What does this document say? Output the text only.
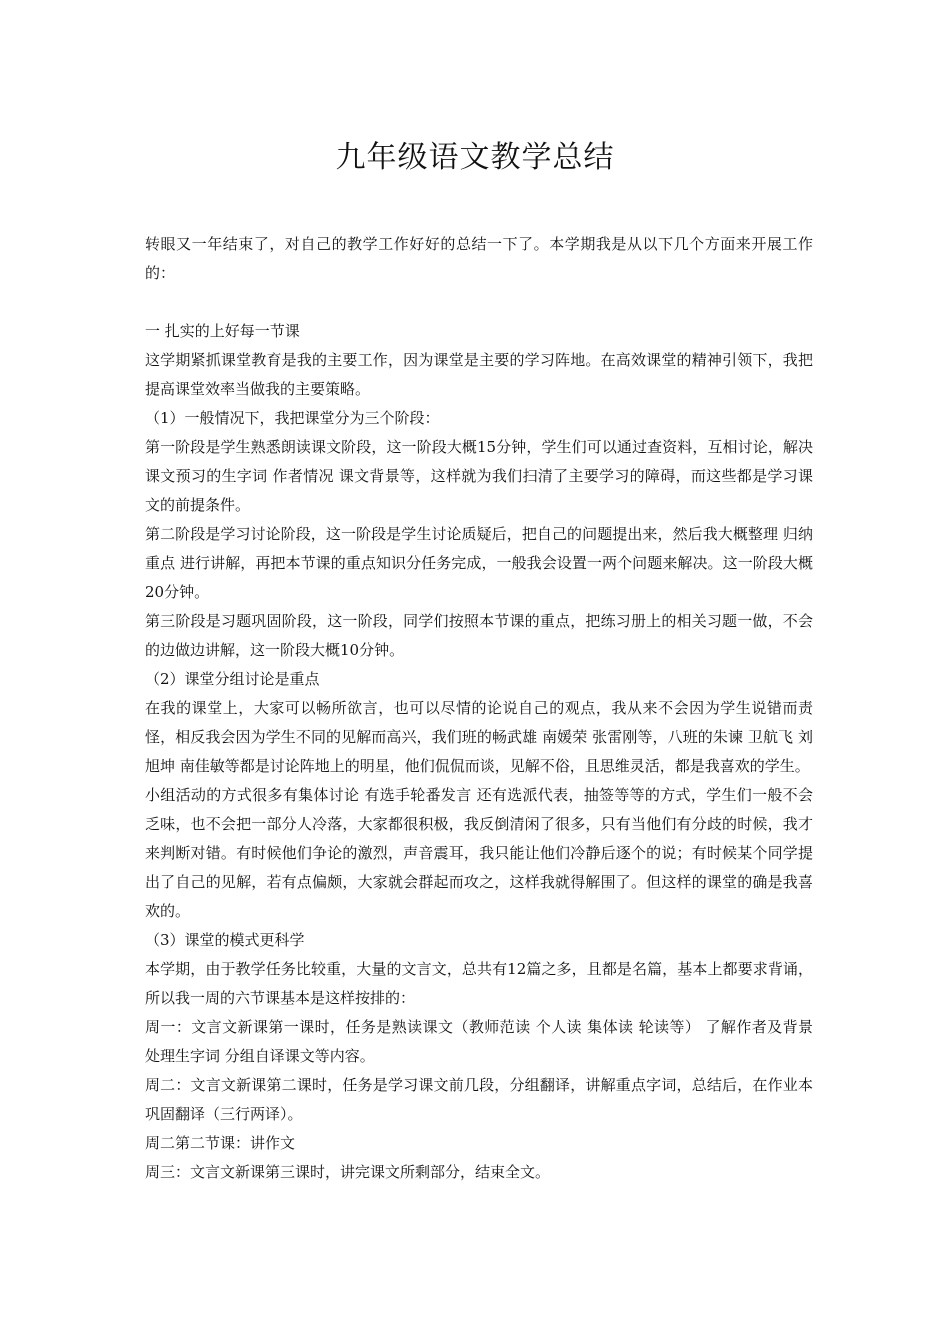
九年级语文教学总结

转眼又一年结束了，对自己的教学工作好好的总结一下了。本学期我是从以下几个方面来开展工作的：

一 扎实的上好每一节课

这学期紧抓课堂教育是我的主要工作，因为课堂是主要的学习阵地。在高效课堂的精神引领下，我把提高课堂效率当做我的主要策略。

（1）一般情况下，我把课堂分为三个阶段：

第一阶段是学生熟悉朗读课文阶段，这一阶段大概15分钟，学生们可以通过查资料，互相讨论，解决课文预习的生字词 作者情况 课文背景等，这样就为我们扫清了主要学习的障碍，而这些都是学习课文的前提条件。

第二阶段是学习讨论阶段，这一阶段是学生讨论质疑后，把自己的问题提出来，然后我大概整理 归纳重点 进行讲解，再把本节课的重点知识分任务完成，一般我会设置一两个问题来解决。这一阶段大概20分钟。

第三阶段是习题巩固阶段，这一阶段，同学们按照本节课的重点，把练习册上的相关习题一做，不会的边做边讲解，这一阶段大概10分钟。

（2）课堂分组讨论是重点

在我的课堂上，大家可以畅所欲言，也可以尽情的论说自己的观点，我从来不会因为学生说错而责怪，相反我会因为学生不同的见解而高兴，我们班的畅武雄 南媛荣 张雷刚等，八班的朱谏 卫航飞 刘旭坤 南佳敏等都是讨论阵地上的明星，他们侃侃而谈，见解不俗，且思维灵活，都是我喜欢的学生。

小组活动的方式很多有集体讨论 有选手轮番发言 还有选派代表，抽签等等的方式，学生们一般不会乏味，也不会把一部分人冷落，大家都很积极，我反倒清闲了很多，只有当他们有分歧的时候，我才来判断对错。有时候他们争论的激烈，声音震耳，我只能让他们冷静后逐个的说；有时候某个同学提出了自己的见解，若有点偏颇，大家就会群起而攻之，这样我就得解围了。但这样的课堂的确是我喜欢的。

（3）课堂的模式更科学

本学期，由于教学任务比较重，大量的文言文，总共有12篇之多，且都是名篇，基本上都要求背诵，所以我一周的六节课基本是这样按排的：

周一：文言文新课第一课时，任务是熟读课文（教师范读 个人读 集体读 轮读等） 了解作者及背景 处理生字词 分组自译课文等内容。

周二：文言文新课第二课时，任务是学习课文前几段，分组翻译，讲解重点字词，总结后，在作业本巩固翻译（三行两译）。

周二第二节课：讲作文

周三：文言文新课第三课时，讲完课文所剩部分，结束全文。
